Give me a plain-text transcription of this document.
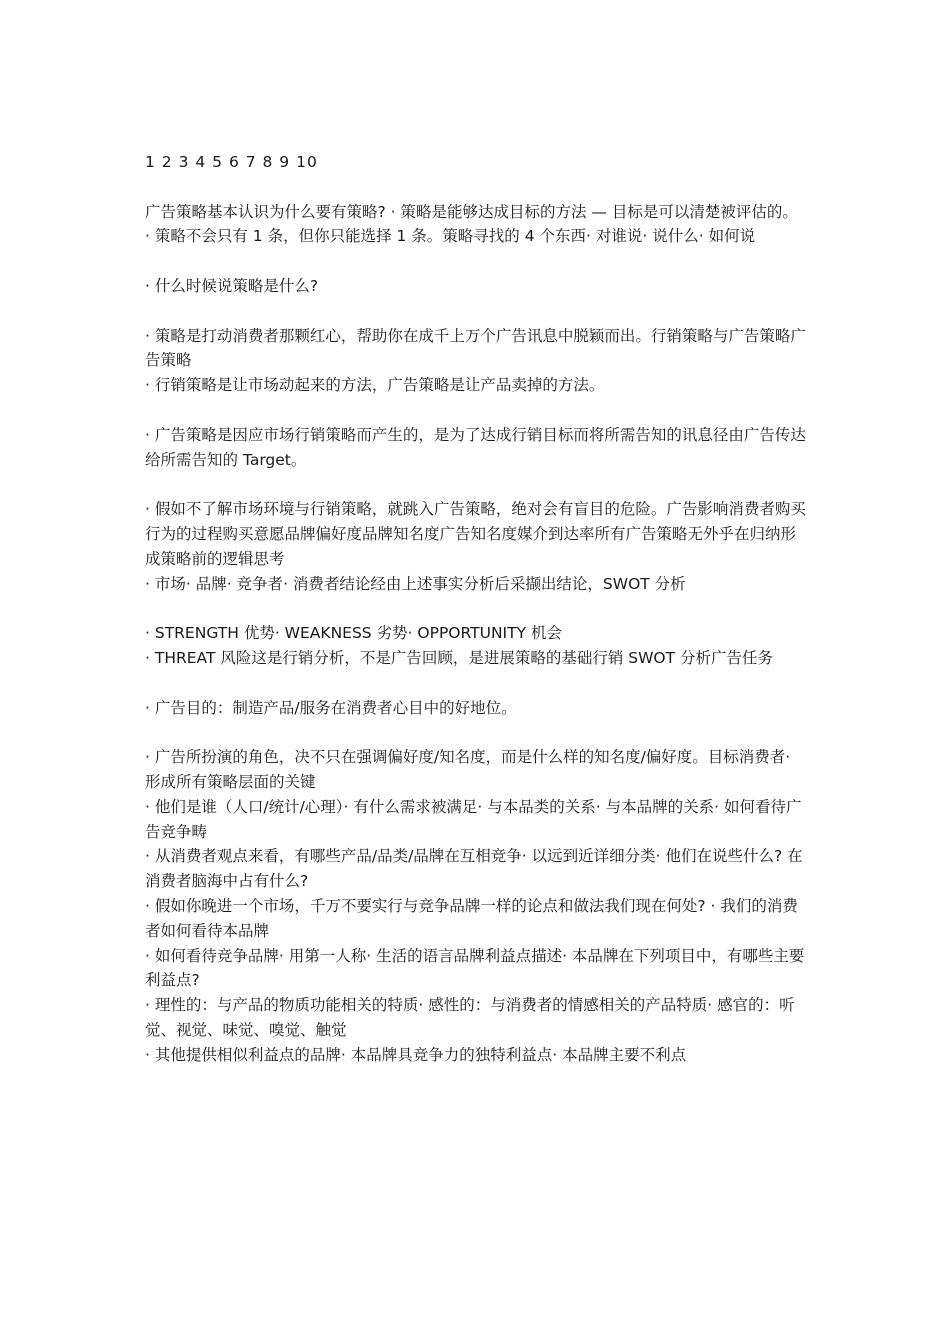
1 2 3 4 5 6 7 8 9 10

广告策略基本认识为什么要有策略? · 策略是能够达成目标的方法 — 目标是可以清楚被评估的。

· 策略不会只有 1 条，但你只能选择 1 条。策略寻找的 4 个东西· 对谁说· 说什么· 如何说

· 什么时候说策略是什么?

· 策略是打动消费者那颗红心，帮助你在成千上万个广告讯息中脱颖而出。行销策略与广告策略广告策略

· 行销策略是让市场动起来的方法，广告策略是让产品卖掉的方法。

· 广告策略是因应市场行销策略而产生的，是为了达成行销目标而将所需告知的讯息径由广告传达给所需告知的 Target。

· 假如不了解市场环境与行销策略，就跳入广告策略，绝对会有盲目的危险。广告影响消费者购买行为的过程购买意愿品牌偏好度品牌知名度广告知名度媒介到达率所有广告策略无外乎在归纳形成策略前的逻辑思考

· 市场· 品牌· 竞争者· 消费者结论经由上述事实分析后采撷出结论，SWOT 分析

· STRENGTH 优势· WEAKNESS 劣势· OPPORTUNITY 机会

· THREAT 风险这是行销分析，不是广告回顾，是进展策略的基础行销 SWOT 分析广告任务

· 广告目的：制造产品/服务在消费者心目中的好地位。

· 广告所扮演的角色，决不只在强调偏好度/知名度，而是什么样的知名度/偏好度。目标消费者· 形成所有策略层面的关键

· 他们是谁（人口/统计/心理）· 有什么需求被满足· 与本品类的关系· 与本品牌的关系· 如何看待广告竞争畴

· 从消费者观点来看，有哪些产品/品类/品牌在互相竞争· 以远到近详细分类· 他们在说些什么? 在消费者脑海中占有什么?

· 假如你晚进一个市场，千万不要实行与竞争品牌一样的论点和做法我们现在何处? · 我们的消费者如何看待本品牌

· 如何看待竞争品牌· 用第一人称· 生活的语言品牌利益点描述· 本品牌在下列项目中，有哪些主要利益点?

· 理性的：与产品的物质功能相关的特质· 感性的：与消费者的情感相关的产品特质· 感官的：听觉、视觉、味觉、嗅觉、触觉

· 其他提供相似利益点的品牌· 本品牌具竞争力的独特利益点· 本品牌主要不利点
